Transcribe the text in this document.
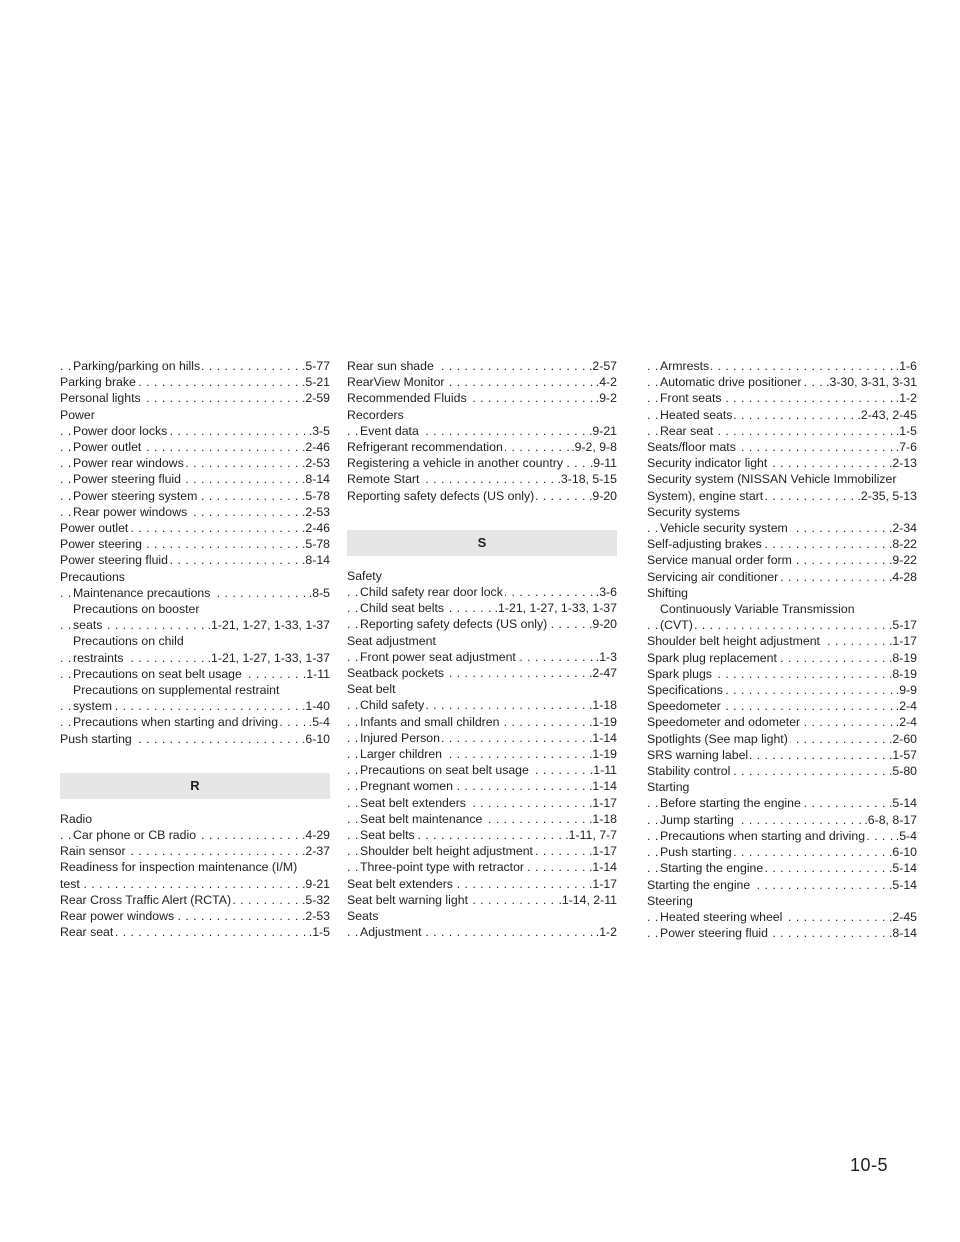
.5-77
Parking/parking on hills . . .
.5-21
Parking brake . . .
.2-59
Personal lights . . .
Power
.3-5
Power door locks . . .
.2-46
Power outlet . . .
.2-53
Power rear windows . . .
.8-14
Power steering fluid . . .
.5-78
Power steering system . . .
.2-53
Rear power windows . . .
.2-46
Power outlet . . .
.5-78
Power steering . . .
.8-14
Power steering fluid . . .
Precautions
.8-5
Maintenance precautions . . .
Precautions on booster
.1-21, 1-27, 1-33, 1-37
seats . . .
Precautions on child
.1-21, 1-27, 1-33, 1-37
restraints . . .
.1-11
Precautions on seat belt usage . . .
Precautions on supplemental restraint
.1-40
system . . .
.5-4
Precautions when starting and driving . . .
.6-10
Push starting . . .
R
Radio
.4-29
Car phone or CB radio . . .
.2-37
Rain sensor . . .
Readiness for inspection maintenance (I/M)
.9-21
test . . .
.5-32
Rear Cross Traffic Alert (RCTA) . . .
.2-53
Rear power windows . . .
.1-5
Rear seat . . .
.2-57
Rear sun shade . . .
.4-2
RearView Monitor . . .
.9-2
Recommended Fluids . . .
Recorders
.9-21
Event data . . .
.9-2, 9-8
Refrigerant recommendation . . .
.9-11
Registering a vehicle in another country . . .
.3-18, 5-15
Remote Start . . .
.9-20
Reporting safety defects (US only) . . .
S
Safety
.3-6
Child safety rear door lock . . .
.1-21, 1-27, 1-33, 1-37
Child seat belts . . .
.9-20
Reporting safety defects (US only) . . .
Seat adjustment
.1-3
Front power seat adjustment . . .
.2-47
Seatback pockets . . .
Seat belt
.1-18
Child safety . . .
.1-19
Infants and small children . . .
.1-14
Injured Person . . .
.1-19
Larger children . . .
.1-11
Precautions on seat belt usage . . .
.1-14
Pregnant women . . .
.1-17
Seat belt extenders . . .
.1-18
Seat belt maintenance . . .
.1-11, 7-7
Seat belts . . .
.1-17
Shoulder belt height adjustment . . .
.1-14
Three-point type with retractor . . .
.1-17
Seat belt extenders . . .
.1-14, 2-11
Seat belt warning light . . .
Seats
.1-2
Adjustment . . .
.1-6
Armrests . . .
.3-30, 3-31, 3-31
Automatic drive positioner . . .
.1-2
Front seats . . .
.2-43, 2-45
Heated seats . . .
.1-5
Rear seat . . .
.7-6
Seats/floor mats . . .
.2-13
Security indicator light . . .
Security system (NISSAN Vehicle Immobilizer
.2-35, 5-13
System), engine start . . .
Security systems
.2-34
Vehicle security system . . .
.8-22
Self-adjusting brakes . . .
.9-22
Service manual order form . . .
.4-28
Servicing air conditioner . . .
Shifting
Continuously Variable Transmission
.5-17
(CVT) . . .
.1-17
Shoulder belt height adjustment . . .
.8-19
Spark plug replacement . . .
.8-19
Spark plugs . . .
.9-9
Specifications . . .
.2-4
Speedometer . . .
.2-4
Speedometer and odometer . . .
.2-60
Spotlights (See map light) . . .
.1-57
SRS warning label . . .
.5-80
Stability control . . .
Starting
.5-14
Before starting the engine . . .
.6-8, 8-17
Jump starting . . .
.5-4
Precautions when starting and driving . . .
.6-10
Push starting . . .
.5-14
Starting the engine . . .
.5-14
Starting the engine . . .
Steering
.2-45
Heated steering wheel . . .
.8-14
Power steering fluid . . .
10-5
